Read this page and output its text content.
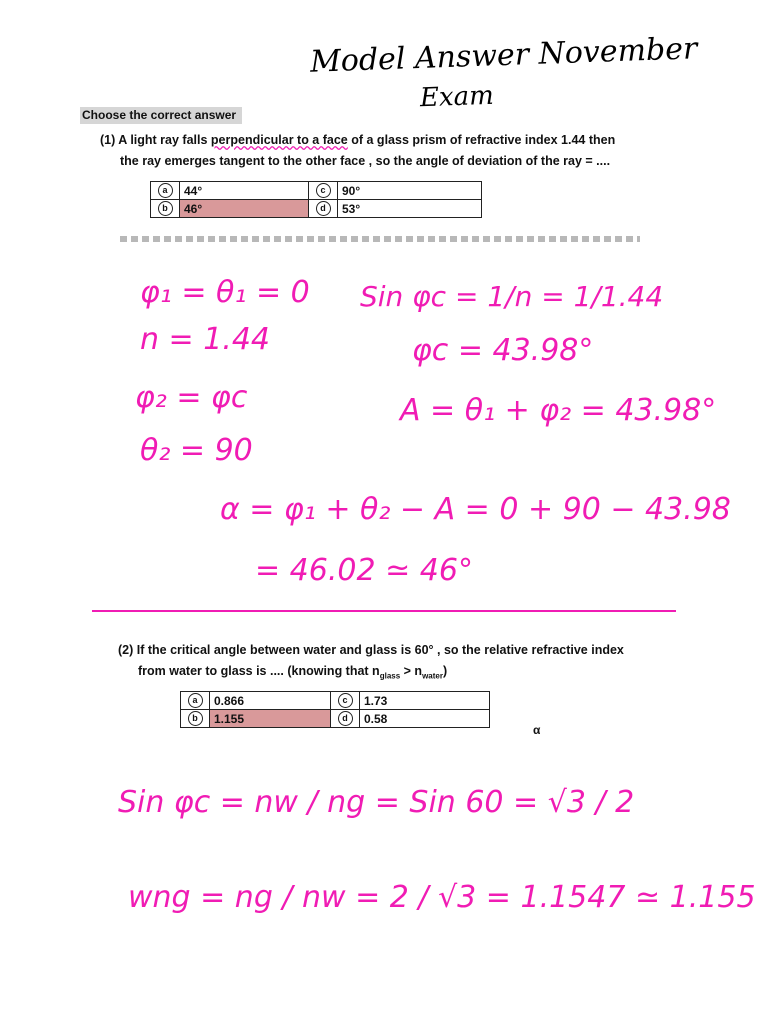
Model Answer November
Exam
Choose the correct answer
(1) A light ray falls perpendicular to a face of a glass prism of refractive index 1.44 then
the ray emerges tangent to the other face , so the angle of deviation of the ray = ....
a	44°	c	90°
b	46°	d	53°
φ₁ = θ₁ = 0
n = 1.44
φ₂ = φc
θ₂ = 90
Sin φc = 1/n = 1/1.44
φc = 43.98°
A = θ₁ + φ₂ = 43.98°
α = φ₁ + θ₂ − A = 0 + 90 − 43.98
= 46.02 ≃ 46°
(2) If the critical angle between water and glass is 60° , so the relative refractive index
from water to glass is .... (knowing that $n_{glass} > n_{water}$)
a	0.866	c	1.73
b	1.155	d	0.58
α
Sin φc = nw / ng = Sin 60 = √3 / 2
wng = ng / nw = 2 / √3 = 1.1547 ≃ 1.155
